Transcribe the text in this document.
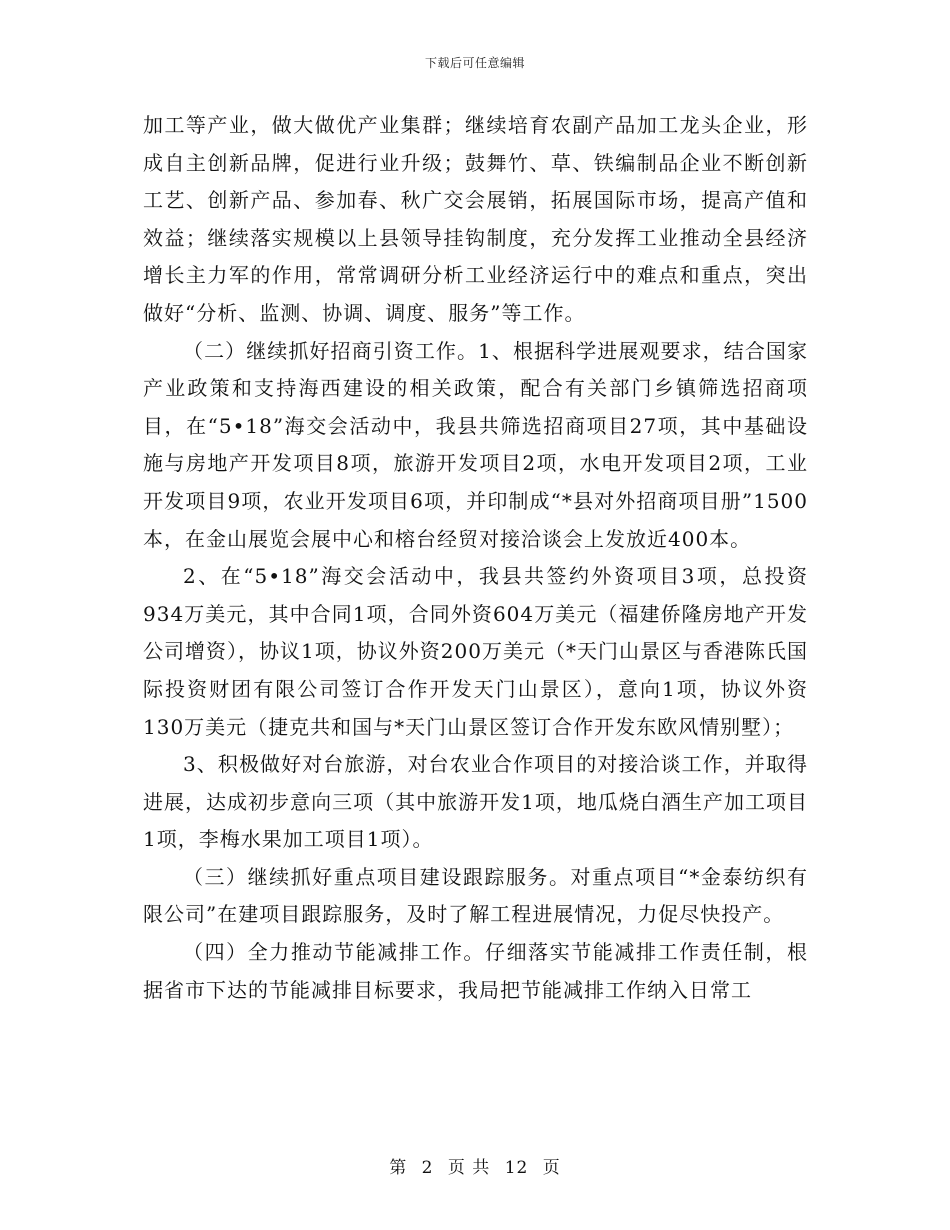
下载后可任意编辑

加工等产业，做大做优产业集群；继续培育农副产品加工龙头企业，形成自主创新品牌，促进行业升级；鼓舞竹、草、铁编制品企业不断创新工艺、创新产品、参加春、秋广交会展销，拓展国际市场，提高产值和效益；继续落实规模以上县领导挂钩制度，充分发挥工业推动全县经济增长主力军的作用，常常调研分析工业经济运行中的难点和重点，突出做好“分析、监测、协调、调度、服务”等工作。

（二）继续抓好招商引资工作。1、根据科学进展观要求，结合国家产业政策和支持海西建设的相关政策，配合有关部门乡镇筛选招商项目，在“5•18”海交会活动中，我县共筛选招商项目27项，其中基础设施与房地产开发项目8项，旅游开发项目2项，水电开发项目2项，工业开发项目9项，农业开发项目6项，并印制成“*县对外招商项目册”1500本，在金山展览会展中心和榕台经贸对接洽谈会上发放近400本。

2、在“5•18”海交会活动中，我县共签约外资项目3项，总投资934万美元，其中合同1项，合同外资604万美元（福建侨隆房地产开发公司增资），协议1项，协议外资200万美元（*天门山景区与香港陈氏国际投资财团有限公司签订合作开发天门山景区），意向1项，协议外资130万美元（捷克共和国与*天门山景区签订合作开发东欧风情别墅）；

3、积极做好对台旅游，对台农业合作项目的对接洽谈工作，并取得进展，达成初步意向三项（其中旅游开发1项，地瓜烧白酒生产加工项目1项，李梅水果加工项目1项）。

（三）继续抓好重点项目建设跟踪服务。对重点项目“*金泰纺织有限公司”在建项目跟踪服务，及时了解工程进展情况，力促尽快投产。

（四）全力推动节能减排工作。仔细落实节能减排工作责任制，根据省市下达的节能减排目标要求，我局把节能减排工作纳入日常工

第 2 页 共 12 页
